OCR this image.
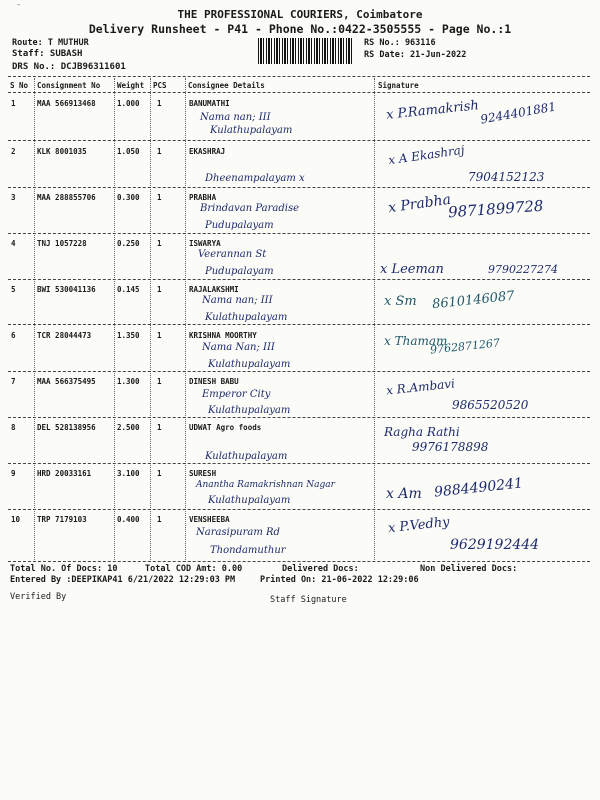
¯	THE PROFESSIONAL COURIERS, Coimbatore
Delivery Runsheet - P41 - Phone No.:0422-3505555 - Page No.:1
Route: T MUTHUR
Staff: SUBASH
DRS No.: DCJB96311601
RS No.: 963116
RS Date: 21-Jun-2022
S No Consignment No Weight PCS	Consignee Details	Signature
1	MAA 566913468	1.000 1	BANUMATHI
Nama nan; III
Kulathupalayam
x P.Ramakrish 9244401881
2	KLK 8001035	1.050 1	EKASHRAJ
Dheenampalayam x
x A Ekashraj
7904152123
3	MAA 288855706	0.300 1	PRABHA
Brindavan Paradise
Pudupalayam
x Prabha
9871899728
4	TNJ 1057228	0.250 1	ISWARYA
Veerannan St
Pudupalayam	x Leeman	9790227274
5	BWI 530041136	0.145 1	RAJALAKSHMI
Nama nan; III
Kulathupalayam
x Sm 8610146087
6	TCR 28044473	1.350 1	KRISHNA MOORTHY
Nama Nan; III
Kulathupalayam
x Thamam
9762871267
7	MAA 566375495	1.300 1	DINESH BABU
Emperor City
Kulathupalayam
x R.Ambavi
9865520520
8	DEL 528138956	2.500 1	UDWAT Agro foods
Kulathupalayam
Ragha Rathi
9976178898
9	HRD 20033161	3.100 1	SURESH
Anantha Ramakrishnan Nagar
Kulathupalayam	x Am 9884490241
10 TRP 7179103	0.400 1	VENSHEEBA
Narasipuram Rd
Thondamuthur
x P.Vedhy
9629192444
Total No. Of Docs: 10	Total COD Amt: 0.00	Delivered Docs:	Non Delivered Docs:
Entered By :DEEPIKAP41 6/21/2022 12:29:03 PM	Printed On: 21-06-2022 12:29:06
Verified By	Staff Signature
